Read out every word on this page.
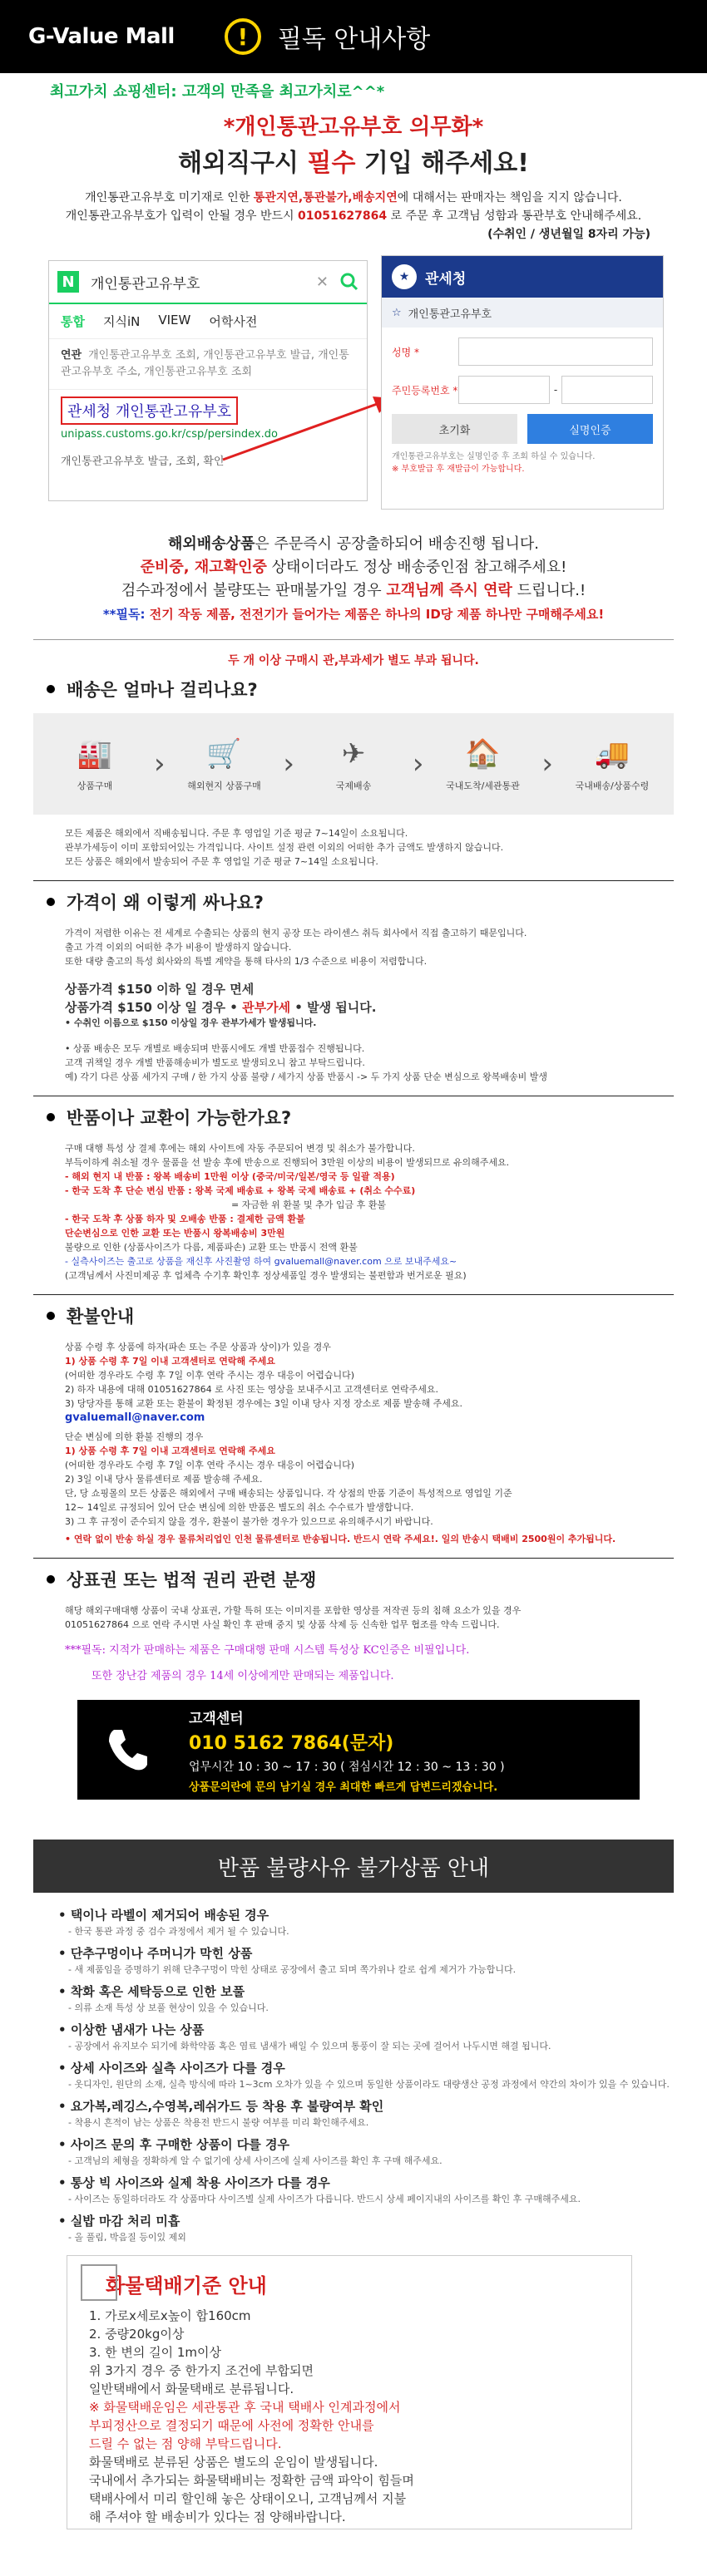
G-Value Mall	!	필독 안내사항
최고가치 쇼핑센터: 고객의 만족을 최고가치로^^*
*개인통관고유부호 의무화*
해외직구시 필수 기입 해주세요!
개인통관고유부호 미기재로 인한 통관지연,통관불가,배송지연에 대해서는 판매자는 책임을 지지 않습니다.
개인통관고유부호가 입력이 안될 경우 반드시 01051627864 로 주문 후 고객님 성함과 통관부호 안내해주세요.
(수취인 / 생년월일 8자리 가능)
N	개인통관고유부호	✕
통합 지식iN VIEW 어학사전
연관 개인통관고유부호 조회, 개인통관고유부호 발급, 개인통관고유부호 주소, 개인통관고유부호 조회
관세청 개인통관고유부호
unipass.customs.go.kr/csp/persindex.do
개인통관고유부호 발급, 조회, 확인
★	관세청
☆ 개인통관고유부호
성명 *
주민등록번호 *	-
초기화	실명인증
개인통관고유부호는 실명인증 후 조회 하실 수 있습니다.
※ 부호발급 후 재발급이 가능합니다.
해외배송상품은 주문즉시 공장출하되어 배송진행 됩니다.
준비중, 재고확인중 상태이더라도 정상 배송중인점 참고해주세요!
검수과정에서 불량또는 판매불가일 경우 고객님께 즉시 연락 드립니다.!
**필독: 전기 작동 제품, 전전기가 들어가는 제품은 하나의 ID당 제품 하나만 구매해주세요!
두 개 이상 구매시 관,부과세가 별도 부과 됩니다.
배송은 얼마나 걸리나요?
🏭
상품구매
› 🛒
해외현지 상품구매
›	✈
국제배송
› 🏠
국내도착/세관통관
› 🚚
국내배송/상품수령
모든 제품은 해외에서 직배송됩니다. 주문 후 영업일 기준 평균 7~14일이 소요됩니다.
관부가세등이 이미 포함되어있는 가격입니다. 사이트 설정 관련 이외의 어떠한 추가 금액도 발생하지 않습니다.
모든 상품은 해외에서 발송되어 주문 후 영업일 기준 평균 7~14일 소요됩니다.
가격이 왜 이렇게 싸나요?
가격이 저렴한 이유는 전 세계로 수출되는 상품의 현지 공장 또는 라이센스 취득 회사에서 직접 출고하기 때문입니다.
출고 가격 이외의 어떠한 추가 비용이 발생하지 않습니다.
또한 대량 출고의 특성 회사와의 특별 계약을 통해 타사의 1/3 수준으로 비용이 저렴합니다.
상품가격 $150 이하 일 경우 면세
상품가격 $150 이상 일 경우 • 관부가세 • 발생 됩니다.
• 수취인 이름으로 $150 이상일 경우 관부가세가 발생됩니다.
• 상품 배송은 모두 개별로 배송되며 반품시에도 개별 반품접수 진행됩니다.
고객 귀책일 경우 개별 반품해송비가 별도로 발생되오니 참고 부탁드립니다.
예) 각기 다른 상품 세가지 구매 / 한 가지 상품 불량 / 세가지 상품 반품시 -> 두 가지 상품 단순 변심으로 왕복배송비 발생
반품이나 교환이 가능한가요?
구매 대행 특성 상 결제 후에는 해외 사이트에 자동 주문되어 변경 및 취소가 불가합니다.
부득이하게 취소될 경우 물품을 선 발송 후에 반송으로 진행되어 3만원 이상의 비용이 발생되므로 유의해주세요.
- 해외 현지 내 반품 : 왕복 배송비 1만원 이상 (중국/미국/일본/영국 등 일괄 적용)
- 한국 도착 후 단순 변심 반품 : 왕복 국제 배송료 + 왕복 국제 배송료 + (취소 수수료)
= 자금한 위 환불 및 추가 입금 후 환불
- 한국 도착 후 상품 하자 및 오배송 반품 : 결제한 금액 환불
단순변심으로 인한 교환 또는 반품시 왕복배송비 3만원
불량으로 인한 (상품사이즈가 다름, 제품파손) 교환 또는 반품시 전액 환불
- 실측사이즈는 출고로 상품을 재신후 사진촬영 하여 gvaluemall@naver.com 으로 보내주세요~
(고객님께서 사진미제공 후 업체측 수기후 확인후 정상세품일 경우 발생되는 불편함과 번거로운 필요)
환불안내
상품 수령 후 상품에 하자(파손 또는 주문 상품과 상이)가 있을 경우
1) 상품 수령 후 7일 이내 고객센터로 연락해 주세요
(어떠한 경우라도 수령 후 7일 이후 연락 주시는 경우 대응이 어렵습니다)
2) 하자 내용에 대해 01051627864 로 사진 또는 영상을 보내주시고 고객센터로 연락주세요.
3) 당당자를 통해 교환 또는 환불이 확정된 경우에는 3일 이내 당사 지정 장소로 제품 발송해 주세요.
gvaluemall@naver.com
단순 변심에 의한 환불 진행의 경우
1) 상품 수령 후 7일 이내 고객센터로 연락해 주세요
(어떠한 경우라도 수령 후 7일 이후 연락 주시는 경우 대응이 어렵습니다)
2) 3일 이내 당사 물류센터로 제품 발송해 주세요.
단, 당 쇼핑몰의 모든 상품은 해외에서 구매 배송되는 상품입니다. 각 상점의 반품 기준이 특성적으로 영업일 기준
12~ 14일로 규정되어 있어 단순 변심에 의한 반품은 별도의 취소 수수료가 발생합니다.
3) 그 후 규정이 준수되지 않을 경우, 환불이 불가한 경우가 있으므로 유의해주시기 바랍니다.
• 연락 없이 반송 하실 경우 물류처리업인 인천 물류센터로 반송됩니다. 반드시 연락 주세요!. 일의 반송시 택배비 2500원이 추가됩니다.
상표권 또는 법적 권리 관련 분쟁
해당 해외구매대행 상품이 국내 상표권, 가할 특허 또는 이미지를 포함한 영상를 저작권 등의 침해 요소가 있을 경우
01051627864 으로 연락 주시면 사실 확인 후 판매 중지 및 상품 삭제 등 신속한 업무 협조를 약속 드립니다.
***필독: 지적가 판매하는 제품은 구매대행 판매 시스템 특성상 KC인증은 비필입니다.
또한 장난감 제품의 경우 14세 이상에게만 판매되는 제품입니다.
고객센터
010 5162 7864(문자)
업무시간 10 : 30 ~ 17 : 30 ( 점심시간 12 : 30 ~ 13 : 30 )
상품문의란에 문의 남기실 경우 최대한 빠르게 답변드리겠습니다.
반품 불량사유 불가상품 안내
• 택이나 라벨이 제거되어 배송된 경우
- 한국 통관 과정 중 검수 과정에서 제거 될 수 있습니다.
• 단추구멍이나 주머니가 막힌 상품
- 새 제품임을 증명하기 위해 단추구멍이 막힌 상태로 공장에서 출고 되며 쪽가위나 칼로 쉽게 제거가 가능합니다.
• 착화 혹은 세탁등으로 인한 보풀
- 의류 소재 특성 상 보풀 현상이 있을 수 있습니다.
• 이상한 냄새가 나는 상품
- 공장에서 유지보수 되기에 화학약품 혹은 염료 냄새가 배일 수 있으며 통풍이 잘 되는 곳에 걸어서 나두시면 해결 됩니다.
• 상세 사이즈와 실측 사이즈가 다를 경우
- 옷디자인, 원단의 소재, 실측 방식에 따라 1~3cm 오차가 있을 수 있으며 동일한 상품이라도 대량생산 공정 과정에서 약간의 차이가 있을 수 있습니다.
• 요가복,레깅스,수영복,레쉬가드 등 착용 후 불량여부 확인
- 착용시 흔적이 남는 상품은 착용전 반드시 불량 여부를 미리 확인해주세요.
• 사이즈 문의 후 구매한 상품이 다를 경우
- 고객님의 체형을 정확하게 알 수 없기에 상세 사이즈에 실제 사이즈를 확인 후 구매 해주세요.
• 통상 빅 사이즈와 실제 착용 사이즈가 다를 경우
- 사이즈는 동일하더라도 각 상품마다 사이즈별 실제 사이즈가 다릅니다. 반드시 상세 페이지내의 사이즈를 확인 후 구매해주세요.
• 실밥 마감 처리 미흡
- 올 풀림, 박음질 등이있 제외
화물택배기준 안내
1. 가로x세로x높이 합160cm
2. 중량20kg이상
3. 한 변의 길이 1m이상
위 3가지 경우 중 한가지 조건에 부합되면
일반택배에서 화물택배로 분류됩니다.
※ 화물택배운임은 세관통관 후 국내 택배사 인계과정에서
부피정산으로 결정되기 때문에 사전에 정확한 안내를
드릴 수 없는 점 양해 부탁드립니다.
화물택배로 분류된 상품은 별도의 운임이 발생됩니다.
국내에서 추가되는 화물택배비는 정확한 금액 파악이 힘들며
택배사에서 미리 할인해 놓은 상태이오니, 고객님께서 지불
해 주셔야 할 배송비가 있다는 점 양해바랍니다.
